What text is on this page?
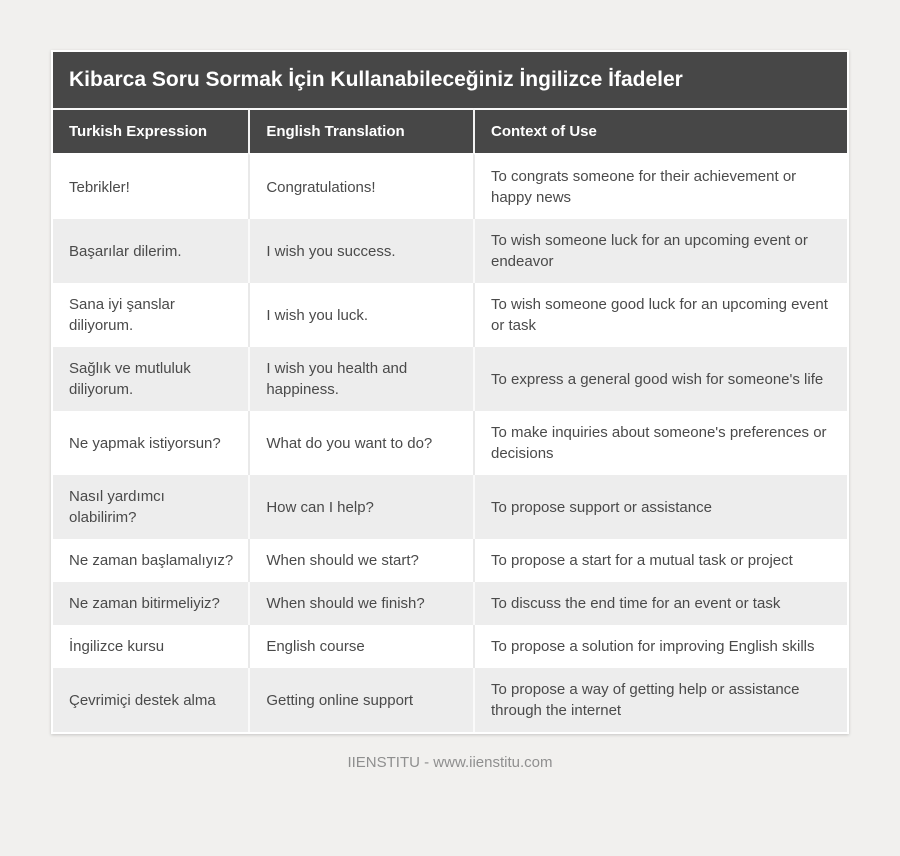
Kibarca Soru Sormak İçin Kullanabileceğiniz İngilizce İfadeler
Turkish Expression	English Translation	Context of Use
Tebrikler!	Congratulations!	To congrats someone for their achievement or happy news
Başarılar dilerim.	I wish you success.	To wish someone luck for an upcoming event or endeavor
Sana iyi şanslar diliyorum.	I wish you luck.	To wish someone good luck for an upcoming event or task
Sağlık ve mutluluk diliyorum.	I wish you health and happiness.	To express a general good wish for someone's life
Ne yapmak istiyorsun?	What do you want to do?	To make inquiries about someone's preferences or decisions
Nasıl yardımcı olabilirim?	How can I help?	To propose support or assistance
Ne zaman başlamalıyız?	When should we start?	To propose a start for a mutual task or project
Ne zaman bitirmeliyiz?	When should we finish?	To discuss the end time for an event or task
İngilizce kursu	English course	To propose a solution for improving English skills
Çevrimiçi destek alma	Getting online support	To propose a way of getting help or assistance through the internet
IIENSTITU - www.iienstitu.com
